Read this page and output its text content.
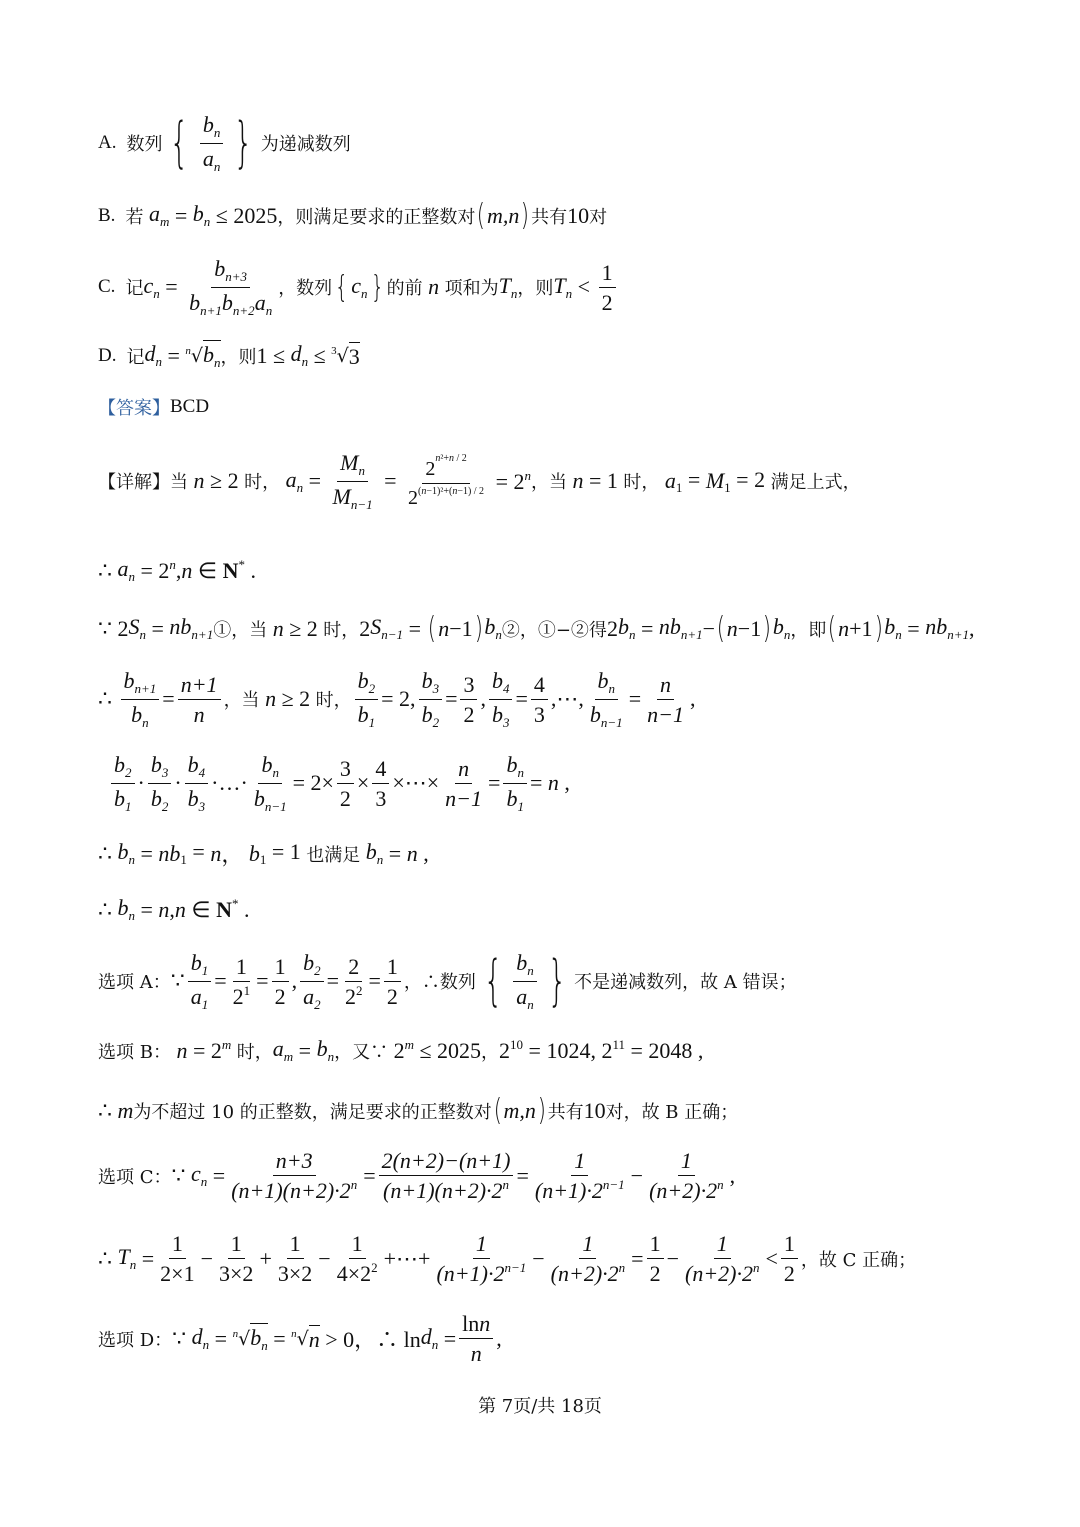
A. 数列 { $\frac{b_n}{a_n}$ } 为递减数列
B. 若 $a_m = b_n \le 2025$ ，则满足要求的正整数对 ( m,n ) 共有 10 对
C. 记 $c_n = \frac{b_{n+3}}{b_{n+1}b_{n+2}a_n}$ ，数列 { $c_n$ } 的前 n 项和为 $T_n$ ，则 $T_n < \frac{1}{2}$
D. 记 $d_n = ^n$ √ $b_n$ ，则 $1 \le d_n \le ^3$ √ 3
【答案】 BCD
【详解】 当 n ≥ 2 时， $a_n = \frac{M_n}{M_{n-1}} = \frac{2^{n^2+n / 2}}{2^{(n-1)^2+(n-1) / 2}} = 2^n$ ，当 n = 1 时， a $_1$ = M $_1$ = 2 满足上式，
∴ $a_n = 2^n$, n ∈ N* .
∵ 2 $S_n = nb_{n+1}$ ①，当 n ≥ 2 时， 2 $S_{n-1}$ = ( n −1 ) $b_n$ ②，①−②得 2 $b_n = nb_{n+1}$ − ( n −1 ) $b_n$ ，即 ( n +1 ) $b_n = nb_{n+1}$ ,
∴ $\frac{b_{n+1}}{b_n} = \frac{n+1}{n}$ ，当 n ≥ 2 时， $\frac{b_2}{b_1} = 2$, $\frac{b_3}{b_2} = \frac{3}{2}$ , $\frac{b_4}{b_3} = \frac{4}{3}$ ,⋯, $\frac{b_n}{b_{n-1}} = \frac{n}{n-1}$ ,
$\frac{b_2}{b_1} \cdot \frac{b_3}{b_2} \cdot \frac{b_4}{b_3}$ ·…· $\frac{b_n}{b_{n-1}} = 2\times \frac{3}{2} \times \frac{4}{3}$ ×⋯× $\frac{n}{n-1} = \frac{b_n}{b_1} = n$ ,
∴ $b_n$ = nb $_1$ = n ， b $_1$ = 1 也满足 $b_n = n$ ,
∴ $b_n = n$ , n ∈ N* .
选项 A： ∵ $\frac{b_1}{a_1} = \frac{1}{2^1} = \frac{1}{2}$ , $\frac{b_2}{a_2} = \frac{2}{2^2} = \frac{1}{2}$ ，∴数列 { $\frac{b_n}{a_n}$ } 不是递减数列，故 A 错误；
选项 B： $n = 2^m$ 时， $a_m = b_n$ ，又∵ $2^m \le 2025$ ， $2^{10} = 1024$, $2^{11} = 2048$ ,
∴ m 为不超过 10 的正整数，满足要求的正整数对 ( m,n ) 共有 10 对，故 B 正确；
选项 C： ∵ $c_n = \frac{n+3}{(n+1)(n+2)\cdot 2^n} = \frac{2(n+2)-(n+1)}{(n+1)(n+2)\cdot 2^n} = \frac{1}{(n+1)\cdot 2^{n-1}} - \frac{1}{(n+2)\cdot 2^n}$ ,
∴ $T_n = \frac{1}{2\times 1} - \frac{1}{3\times 2} + \frac{1}{3\times 2} - \frac{1}{4\times 2^2}$ +⋯+ $\frac{1}{(n+1)\cdot 2^{n-1}} - \frac{1}{(n+2)\cdot 2^n} = \frac{1}{2} - \frac{1}{(n+2)\cdot 2^n} < \frac{1}{2}$ ，故 C 正确；
选项 D： ∵ $d_n = ^n$ √ $b_n = ^n$ √ n > 0，∴ $\ln d_n = \frac{\ln n}{n}$ ,
第 7页/共 18页
